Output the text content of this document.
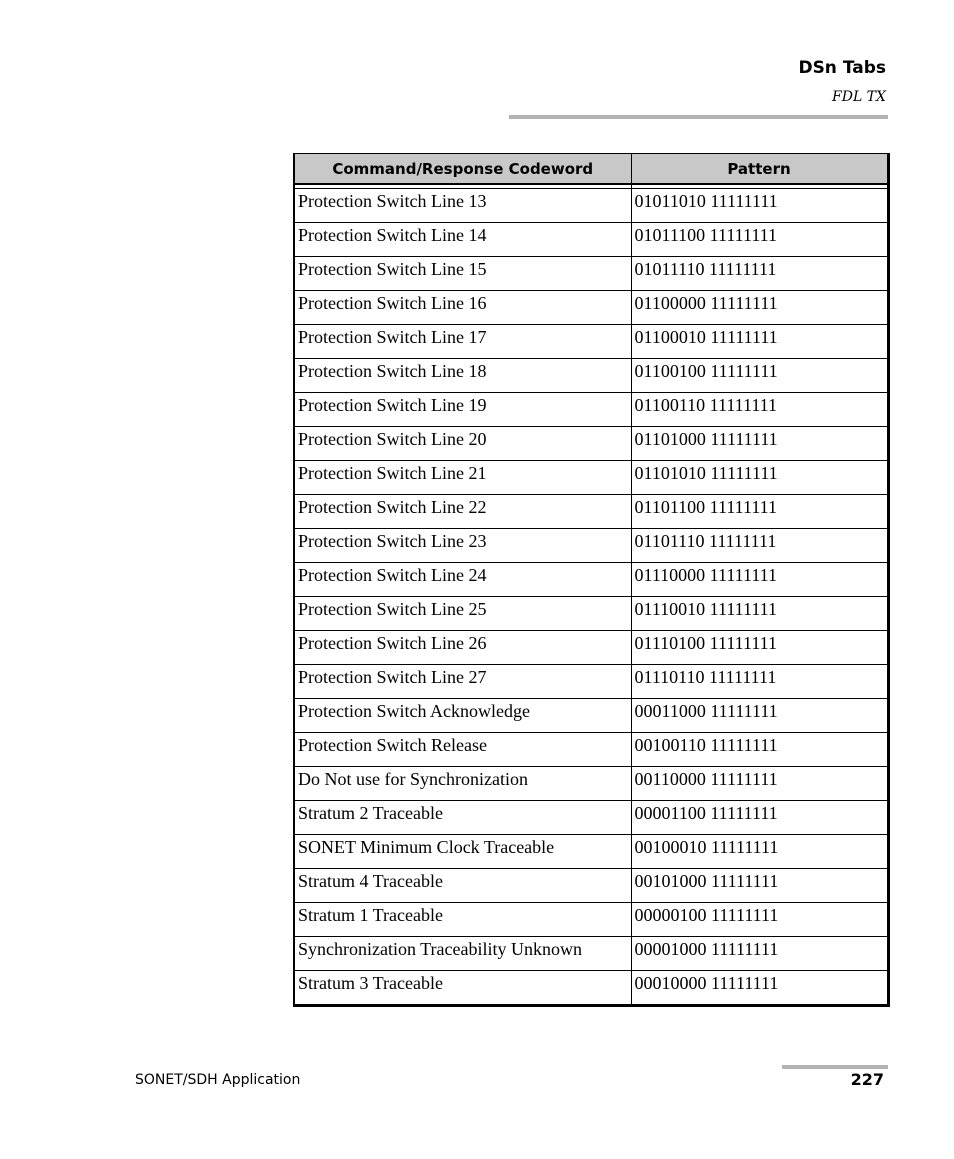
DSn Tabs
FDL TX
Command/Response Codeword	Pattern

Protection Switch Line 13	01011010 11111111
Protection Switch Line 14	01011100 11111111
Protection Switch Line 15	01011110 11111111
Protection Switch Line 16	01100000 11111111
Protection Switch Line 17	01100010 11111111
Protection Switch Line 18	01100100 11111111
Protection Switch Line 19	01100110 11111111
Protection Switch Line 20	01101000 11111111
Protection Switch Line 21	01101010 11111111
Protection Switch Line 22	01101100 11111111
Protection Switch Line 23	01101110 11111111
Protection Switch Line 24	01110000 11111111
Protection Switch Line 25	01110010 11111111
Protection Switch Line 26	01110100 11111111
Protection Switch Line 27	01110110 11111111
Protection Switch Acknowledge	00011000 11111111
Protection Switch Release	00100110 11111111
Do Not use for Synchronization	00110000 11111111
Stratum 2 Traceable	00001100 11111111
SONET Minimum Clock Traceable	00100010 11111111
Stratum 4 Traceable	00101000 11111111
Stratum 1 Traceable	00000100 11111111
Synchronization Traceability Unknown	00001000 11111111
Stratum 3 Traceable	00010000 11111111
SONET/SDH Application	227
